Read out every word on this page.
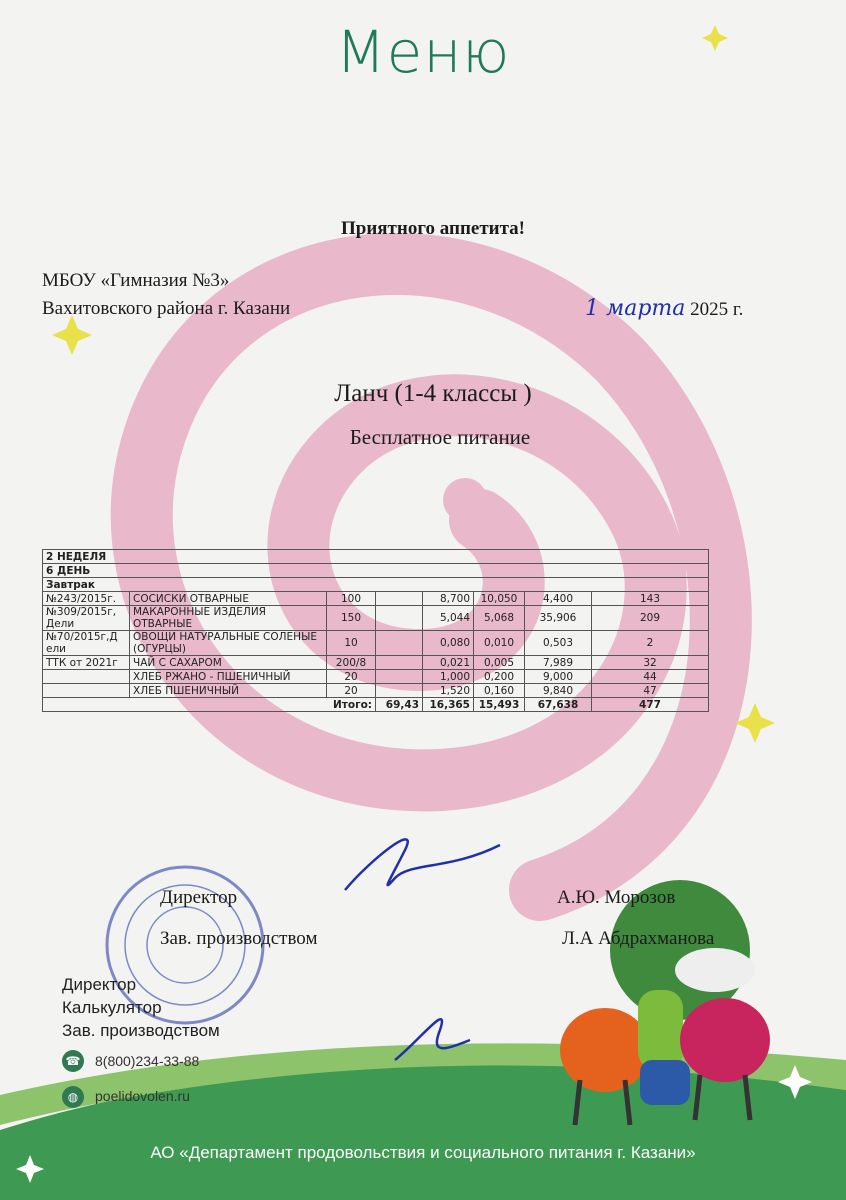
Меню
Приятного аппетита!
МБОУ «Гимназия №3»
Вахитовского района г. Казани	1 марта 2025 г.
Ланч (1-4 классы )
Бесплатное питание
2 НЕДЕЛЯ							
6 ДЕНЬ							
Завтрак							
№243/2015г.	СОСИСКИ ОТВАРНЫЕ	100		8,700	10,050	4,400	143
№309/2015г, Дели	МАКАРОННЫЕ ИЗДЕЛИЯ ОТВАРНЫЕ	150		5,044	5,068	35,906	209
№70/2015г,Д ели	ОВОЩИ НАТУРАЛЬНЫЕ СОЛЕНЫЕ (ОГУРЦЫ)	10		0,080	0,010	0,503	2
ТТК от 2021г	ЧАЙ С САХАРОМ	200/8		0,021	0,005	7,989	32
	ХЛЕБ РЖАНО - ПШЕНИЧНЫЙ	20		1,000	0,200	9,000	44
	ХЛЕБ ПШЕНИЧНЫЙ	20		1,520	0,160	9,840	47
Итого:			69,43	16,365	15,493	67,638	477
Директор
Зав. производством
А.Ю. Морозов
Л.А Абдрахманова
Директор
Калькулятор
Зав. производством
☎ 8(800)234-33-88
◍	poelidovolen.ru
АО «Департамент продовольствия и социального питания г. Казани»
